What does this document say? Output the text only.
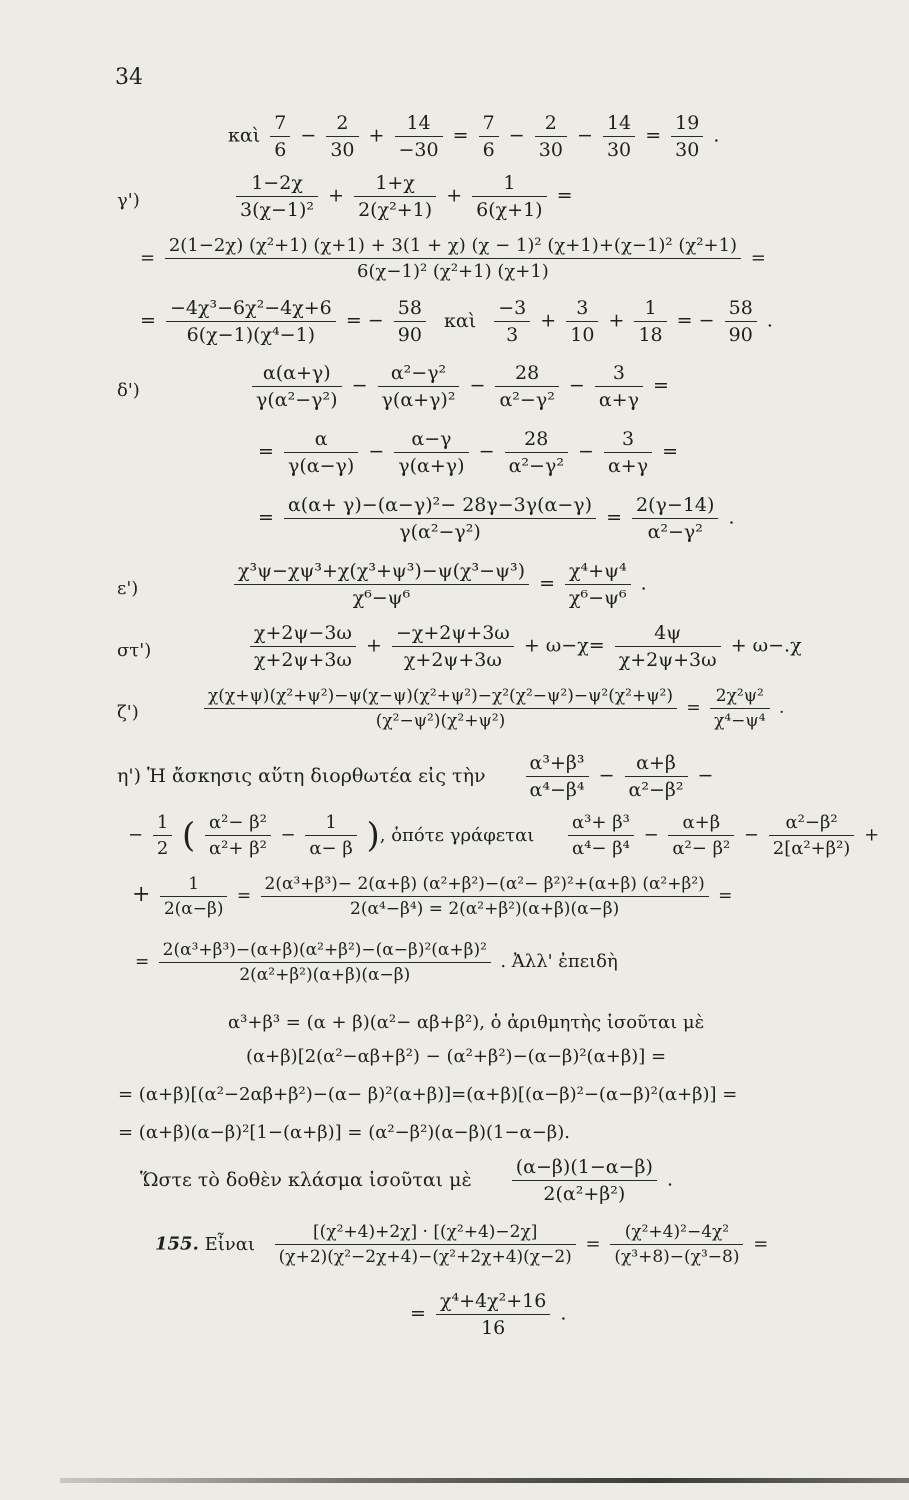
34
καὶ $\frac{7}{6} - \frac{2}{30} + \frac{14}{-30} = \frac{7}{6} - \frac{2}{30} - \frac{14}{30} = \frac{19}{30}$ .
γ')	$\frac{1-2\chi}{\text{3(χ−1)²}} + \frac{1+\chi}{\text{2(χ²+1)}} + \frac{1}{6(\chi+1)}$ =
= $\frac{\text{2(1−2χ) (χ²+1) (χ+1) + 3(1 + χ) (χ − 1)² (χ+1)+(χ−1)² (χ²+1)}}{\text{6(χ−1)² (χ²+1) (χ+1)}}$ =
= $\frac{\text{−4χ³−6χ²−4χ+6}}{\text{6(χ−1)(χ⁴−1)}}$ = − $\frac{58}{90}$ καὶ $\frac{-3}{3} + \frac{3}{10} + \frac{1}{18}$ = − $\frac{58}{90}$ .
δ')	$\frac{\alpha(\alpha+\gamma)}{\text{γ(α²−γ²)}} - \frac{\text{α²−γ²}}{\text{γ(α+γ)²}} - \frac{28}{\text{α²−γ²}} - \frac{3}{\alpha+\gamma}$ =
= $\frac{\alpha}{\gamma(\alpha-\gamma)} - \frac{\alpha-\gamma}{\gamma(\alpha+\gamma)} - \frac{28}{\text{α²−γ²}} - \frac{3}{\alpha+\gamma}$ =
= $\frac{\text{α(α+ γ)−(α−γ)²− 28γ−3γ(α−γ)}}{\text{γ(α²−γ²)}} = \frac{2(\gamma-14)}{\text{α²−γ²}}$ .
ε')	$\frac{\text{χ³ψ−χψ³+χ(χ³+ψ³)−ψ(χ³−ψ³)}}{\text{χ⁶−ψ⁶}} = \frac{\text{χ⁴+ψ⁴}}{\text{χ⁶−ψ⁶}}$ .
στ')	$\frac{\chi+2\psi-3\omega}{\chi+2\psi+3\omega} + \frac{-\chi+2\psi+3\omega}{\chi+2\psi+3\omega} + \omega-\chi= \frac{4\psi}{\chi+2\psi+3\omega} + \omega-.\chi$
ζ')	$\frac{\text{χ(χ+ψ)(χ²+ψ²)−ψ(χ−ψ)(χ²+ψ²)−χ²(χ²−ψ²)−ψ²(χ²+ψ²)}}{\text{(χ²−ψ²)(χ²+ψ²)}} = \frac{\text{2χ²ψ²}}{\text{χ⁴−ψ⁴}}$ .
η') Ἡ ἄσκησις αὕτη διορθωτέα εἰς τὴν $\frac{\text{α³+β³}}{\text{α⁴−β⁴}} - \frac{\alpha+\beta}{\text{α²−β²}}$ −
− $\frac{1}{2}$ ( $\frac{\text{α²− β²}}{\text{α²+ β²}} - \frac{1}{\alpha- \beta}$ ), ὁπότε γράφεται $\frac{\text{α³+ β³}}{\text{α⁴− β⁴}} - \frac{\alpha+\beta}{\text{α²− β²}} - \frac{\text{α²−β²}}{\text{2[α²+β²)}}$ +
+ $\frac{1}{2(\alpha-\beta)} = \frac{\text{2(α³+β³)− 2(α+β) (α²+β²)−(α²− β²)²+(α+β) (α²+β²)}}{\text{2(α⁴−β⁴) = 2(α²+β²)(α+β)(α−β)}}$ =
= $\frac{\text{2(α³+β³)−(α+β)(α²+β²)−(α−β)²(α+β)²}}{\text{2(α²+β²)(α+β)(α−β)}}$ . Ἀλλ' ἐπειδὴ
α³+β³ = (α + β)(α²− αβ+β²), ὁ ἀριθμητὴς ἰσοῦται μὲ
(α+β)[2(α²−αβ+β²) − (α²+β²)−(α−β)²(α+β)] =
= (α+β)[(α²−2αβ+β²)−(α− β)²(α+β)]=(α+β)[(α−β)²−(α−β)²(α+β)] =
= (α+β)(α−β)²[1−(α+β)] = (α²−β²)(α−β)(1−α−β).
Ὥστε τὸ δοθὲν κλάσμα ἰσοῦται μὲ $\frac{(\alpha-\beta)(1-\alpha-\beta)}{\text{2(α²+β²)}}$ .
155. Εἶναι $\frac{\text{[(χ²+4)+2χ] · [(χ²+4)−2χ]}}{\text{(χ+2)(χ²−2χ+4)−(χ²+2χ+4)(χ−2)}} = \frac{\text{(χ²+4)²−4χ²}}{\text{(χ³+8)−(χ³−8)}}$ =
= $\frac{\text{χ⁴+4χ²+16}}{16}$ .
